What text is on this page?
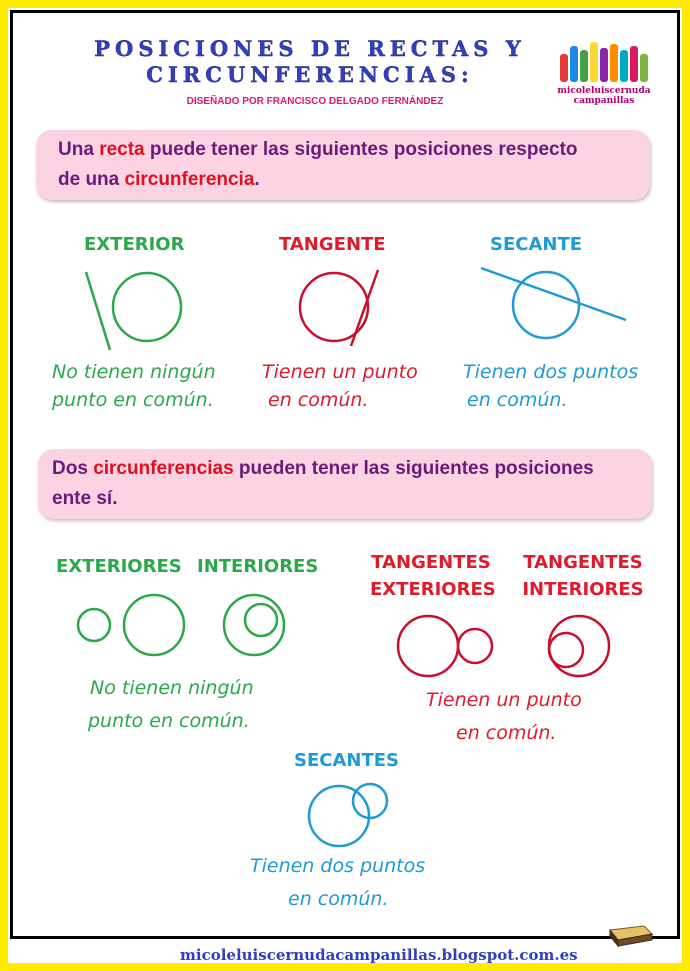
POSICIONES DE RECTAS Y
CIRCUNFERENCIAS:
DISEÑADO POR FRANCISCO DELGADO FERNÁNDEZ
micoleluiscernuda
campanillas
Una recta puede tener las siguientes posiciones respecto
de una circunferencia.
EXTERIOR	TANGENTE	SECANTE
No tienen ningún
punto en común.
Tienen un punto
en común.
Tienen dos puntos
en común.
Dos circunferencias pueden tener las siguientes posiciones
ente sí.
EXTERIORES INTERIORES	TANGENTES
EXTERIORES
TANGENTES
INTERIORES
SECANTES
No tienen ningún
punto en común.
Tienen un punto
en común.
Tienen dos puntos
en común.
micoleluiscernudacampanillas.blogspot.com.es
